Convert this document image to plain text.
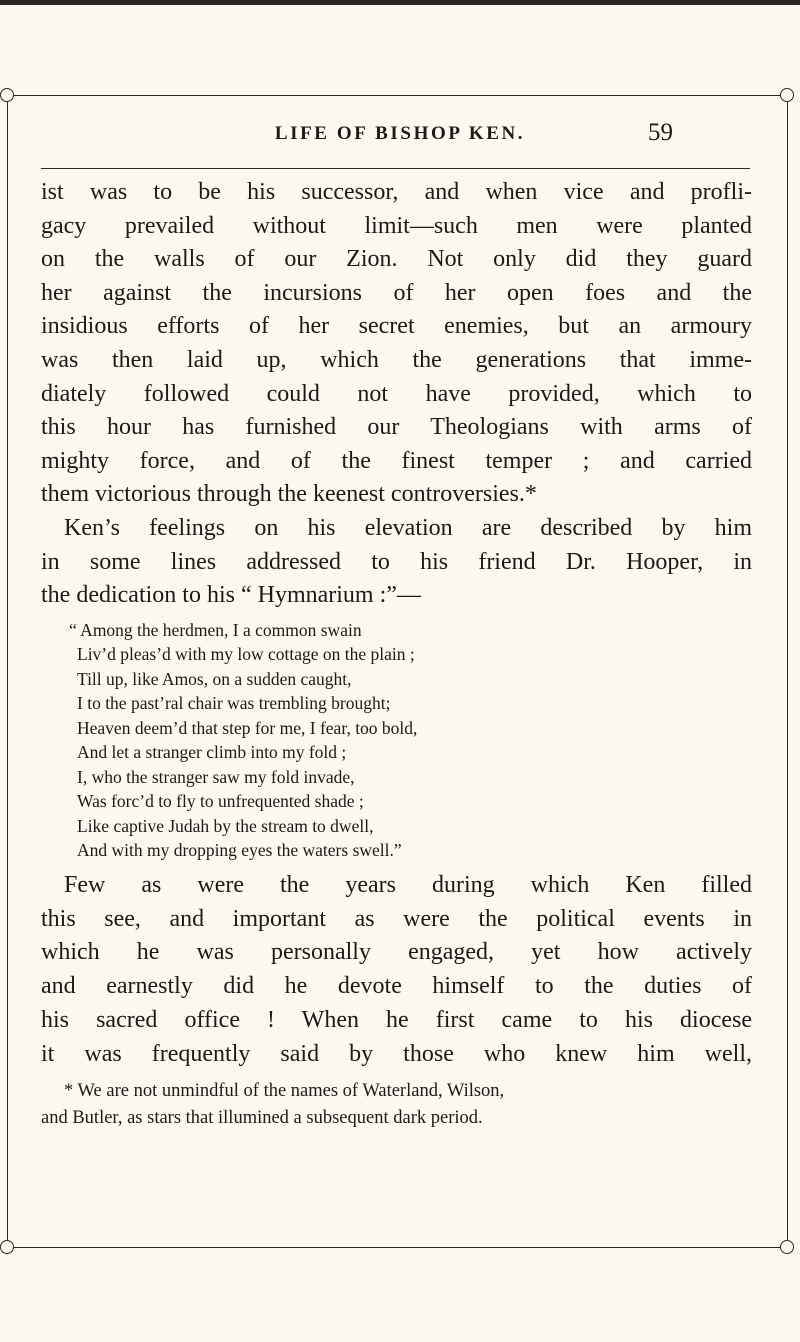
LIFE OF BISHOP KEN.	59
ist was to be his successor, and when vice and profli-
gacy prevailed without limit—such men were planted
on the walls of our Zion. Not only did they guard
her against the incursions of her open foes and the
insidious efforts of her secret enemies, but an armoury
was then laid up, which the generations that imme-
diately followed could not have provided, which to
this hour has furnished our Theologians with arms of
mighty force, and of the finest temper ; and carried
them victorious through the keenest controversies.*
Ken’s feelings on his elevation are described by him
in some lines addressed to his friend Dr. Hooper, in
the dedication to his “ Hymnarium :”—
“ Among the herdmen, I a common swain
Liv’d pleas’d with my low cottage on the plain ;
Till up, like Amos, on a sudden caught,
I to the past’ral chair was trembling brought;
Heaven deem’d that step for me, I fear, too bold,
And let a stranger climb into my fold ;
I, who the stranger saw my fold invade,
Was forc’d to fly to unfrequented shade ;
Like captive Judah by the stream to dwell,
And with my dropping eyes the waters swell.”
Few as were the years during which Ken filled
this see, and important as were the political events in
which he was personally engaged, yet how actively
and earnestly did he devote himself to the duties of
his sacred office ! When he first came to his diocese
it was frequently said by those who knew him well,
* We are not unmindful of the names of Waterland, Wilson,
and Butler, as stars that illumined a subsequent dark period.
